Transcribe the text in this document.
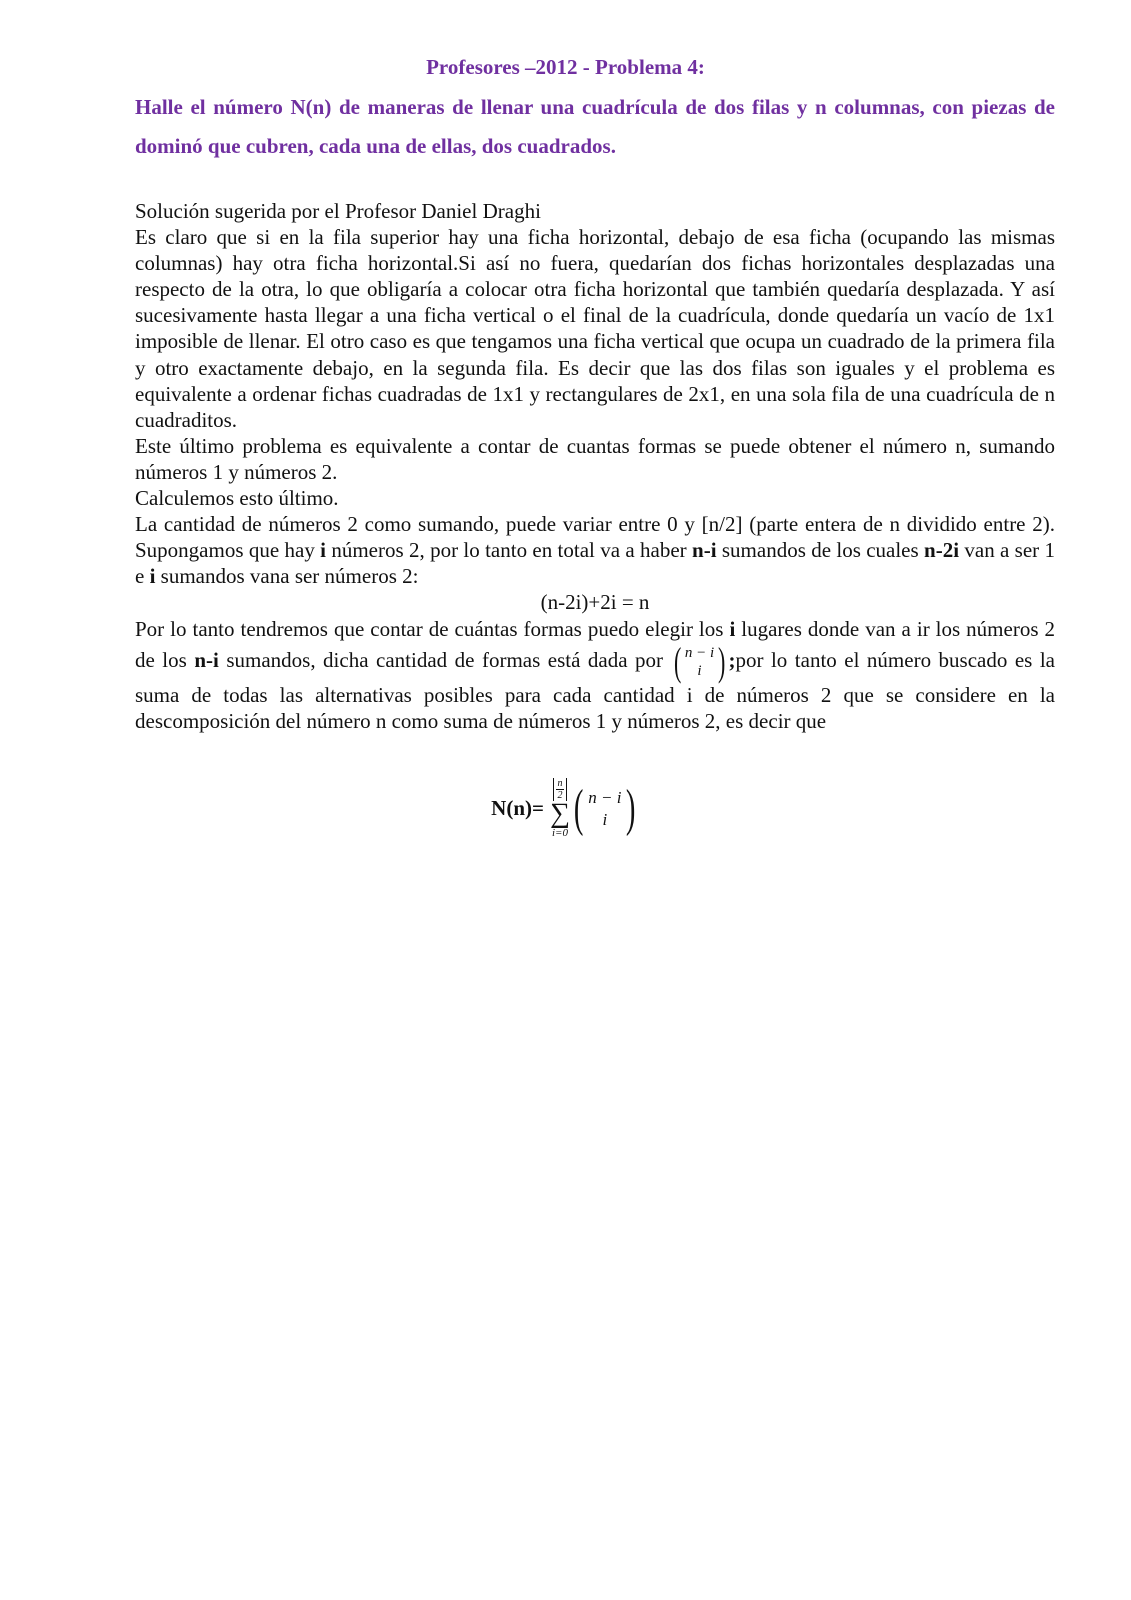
Profesores –2012 - Problema 4:
Halle el número N(n) de maneras de llenar una cuadrícula de dos filas y n columnas, con piezas de dominó que cubren, cada una de ellas, dos cuadrados.

Solución sugerida por el Profesor Daniel Draghi

Es claro que si en la fila superior hay una ficha horizontal, debajo de esa ficha (ocupando las mismas columnas) hay otra ficha horizontal.Si así no fuera, quedarían dos fichas horizontales desplazadas una respecto de la otra, lo que obligaría a colocar otra ficha horizontal que también quedaría desplazada. Y así sucesivamente hasta llegar a una ficha vertical o el final de la cuadrícula, donde quedaría un vacío de 1x1 imposible de llenar. El otro caso es que tengamos una ficha vertical que ocupa un cuadrado de la primera fila y otro exactamente debajo, en la segunda fila. Es decir que las dos filas son iguales y el problema es equivalente a ordenar fichas cuadradas de 1x1 y rectangulares de 2x1, en una sola fila de una cuadrícula de n cuadraditos.

Este último problema es equivalente a contar de cuantas formas se puede obtener el número n, sumando números 1 y números 2.

Calculemos esto último.

La cantidad de números 2 como sumando, puede variar entre 0 y [n/2] (parte entera de n dividido entre 2). Supongamos que hay i números 2, por lo tanto en total va a haber n-i sumandos de los cuales n-2i van a ser 1 e i sumandos vana ser números 2:

(n-2i)+2i = n

Por lo tanto tendremos que contar de cuántas formas puedo elegir los i lugares donde van a ir los números 2 de los n-i sumandos, dicha cantidad de formas está dada por ( n − i
i ) ;por lo tanto el número buscado es la suma de todas las alternativas posibles para cada cantidad i de números 2 que se considere en la descomposición del número n como suma de números 1 y números 2, es decir que

N(n)=
n
2
∑
i=0 ( n − i
i )
